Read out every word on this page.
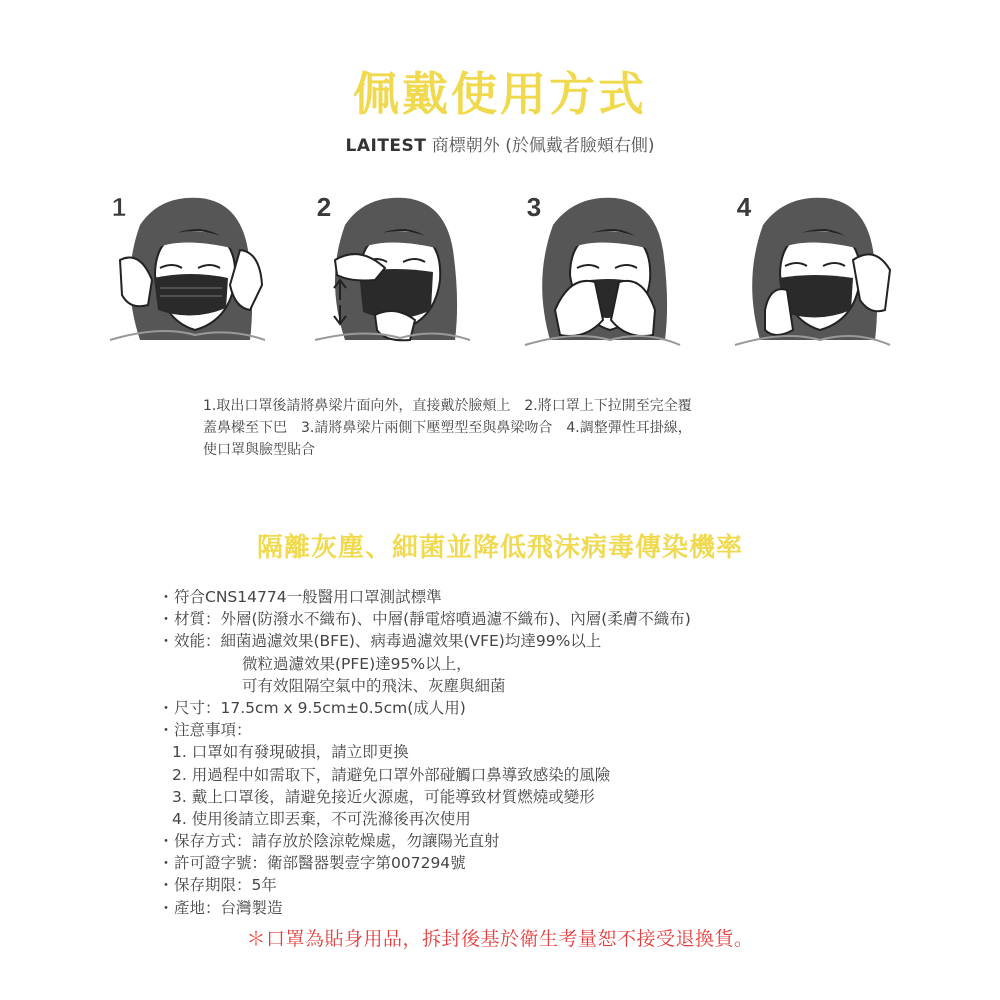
佩戴使用方式
LAITEST 商標朝外 (於佩戴者臉頰右側)
1	2	3	4
1.取出口罩後請將鼻梁片面向外，直接戴於臉頰上　2.將口罩上下拉開至完全覆
蓋鼻樑至下巴　3.請將鼻梁片兩側下壓塑型至與鼻梁吻合　4.調整彈性耳掛線，
使口罩與臉型貼合
隔離灰塵、細菌並降低飛沫病毒傳染機率
・符合CNS14774一般醫用口罩測試標準
・材質：外層(防潑水不織布)、中層(靜電熔噴過濾不織布)、內層(柔膚不織布)
・效能：細菌過濾效果(BFE)、病毒過濾效果(VFE)均達99%以上
微粒過濾效果(PFE)達95%以上，
可有效阻隔空氣中的飛沫、灰塵與細菌
・尺寸：17.5cm x 9.5cm±0.5cm(成人用)
・注意事項：
1. 口罩如有發現破損，請立即更換
2. 用過程中如需取下，請避免口罩外部碰觸口鼻導致感染的風險
3. 戴上口罩後，請避免接近火源處，可能導致材質燃燒或變形
4. 使用後請立即丟棄，不可洗滌後再次使用
・保存方式：請存放於陰涼乾燥處，勿讓陽光直射
・許可證字號：衛部醫器製壹字第007294號
・保存期限：5年
・產地：台灣製造
＊口罩為貼身用品，拆封後基於衛生考量恕不接受退換貨。
